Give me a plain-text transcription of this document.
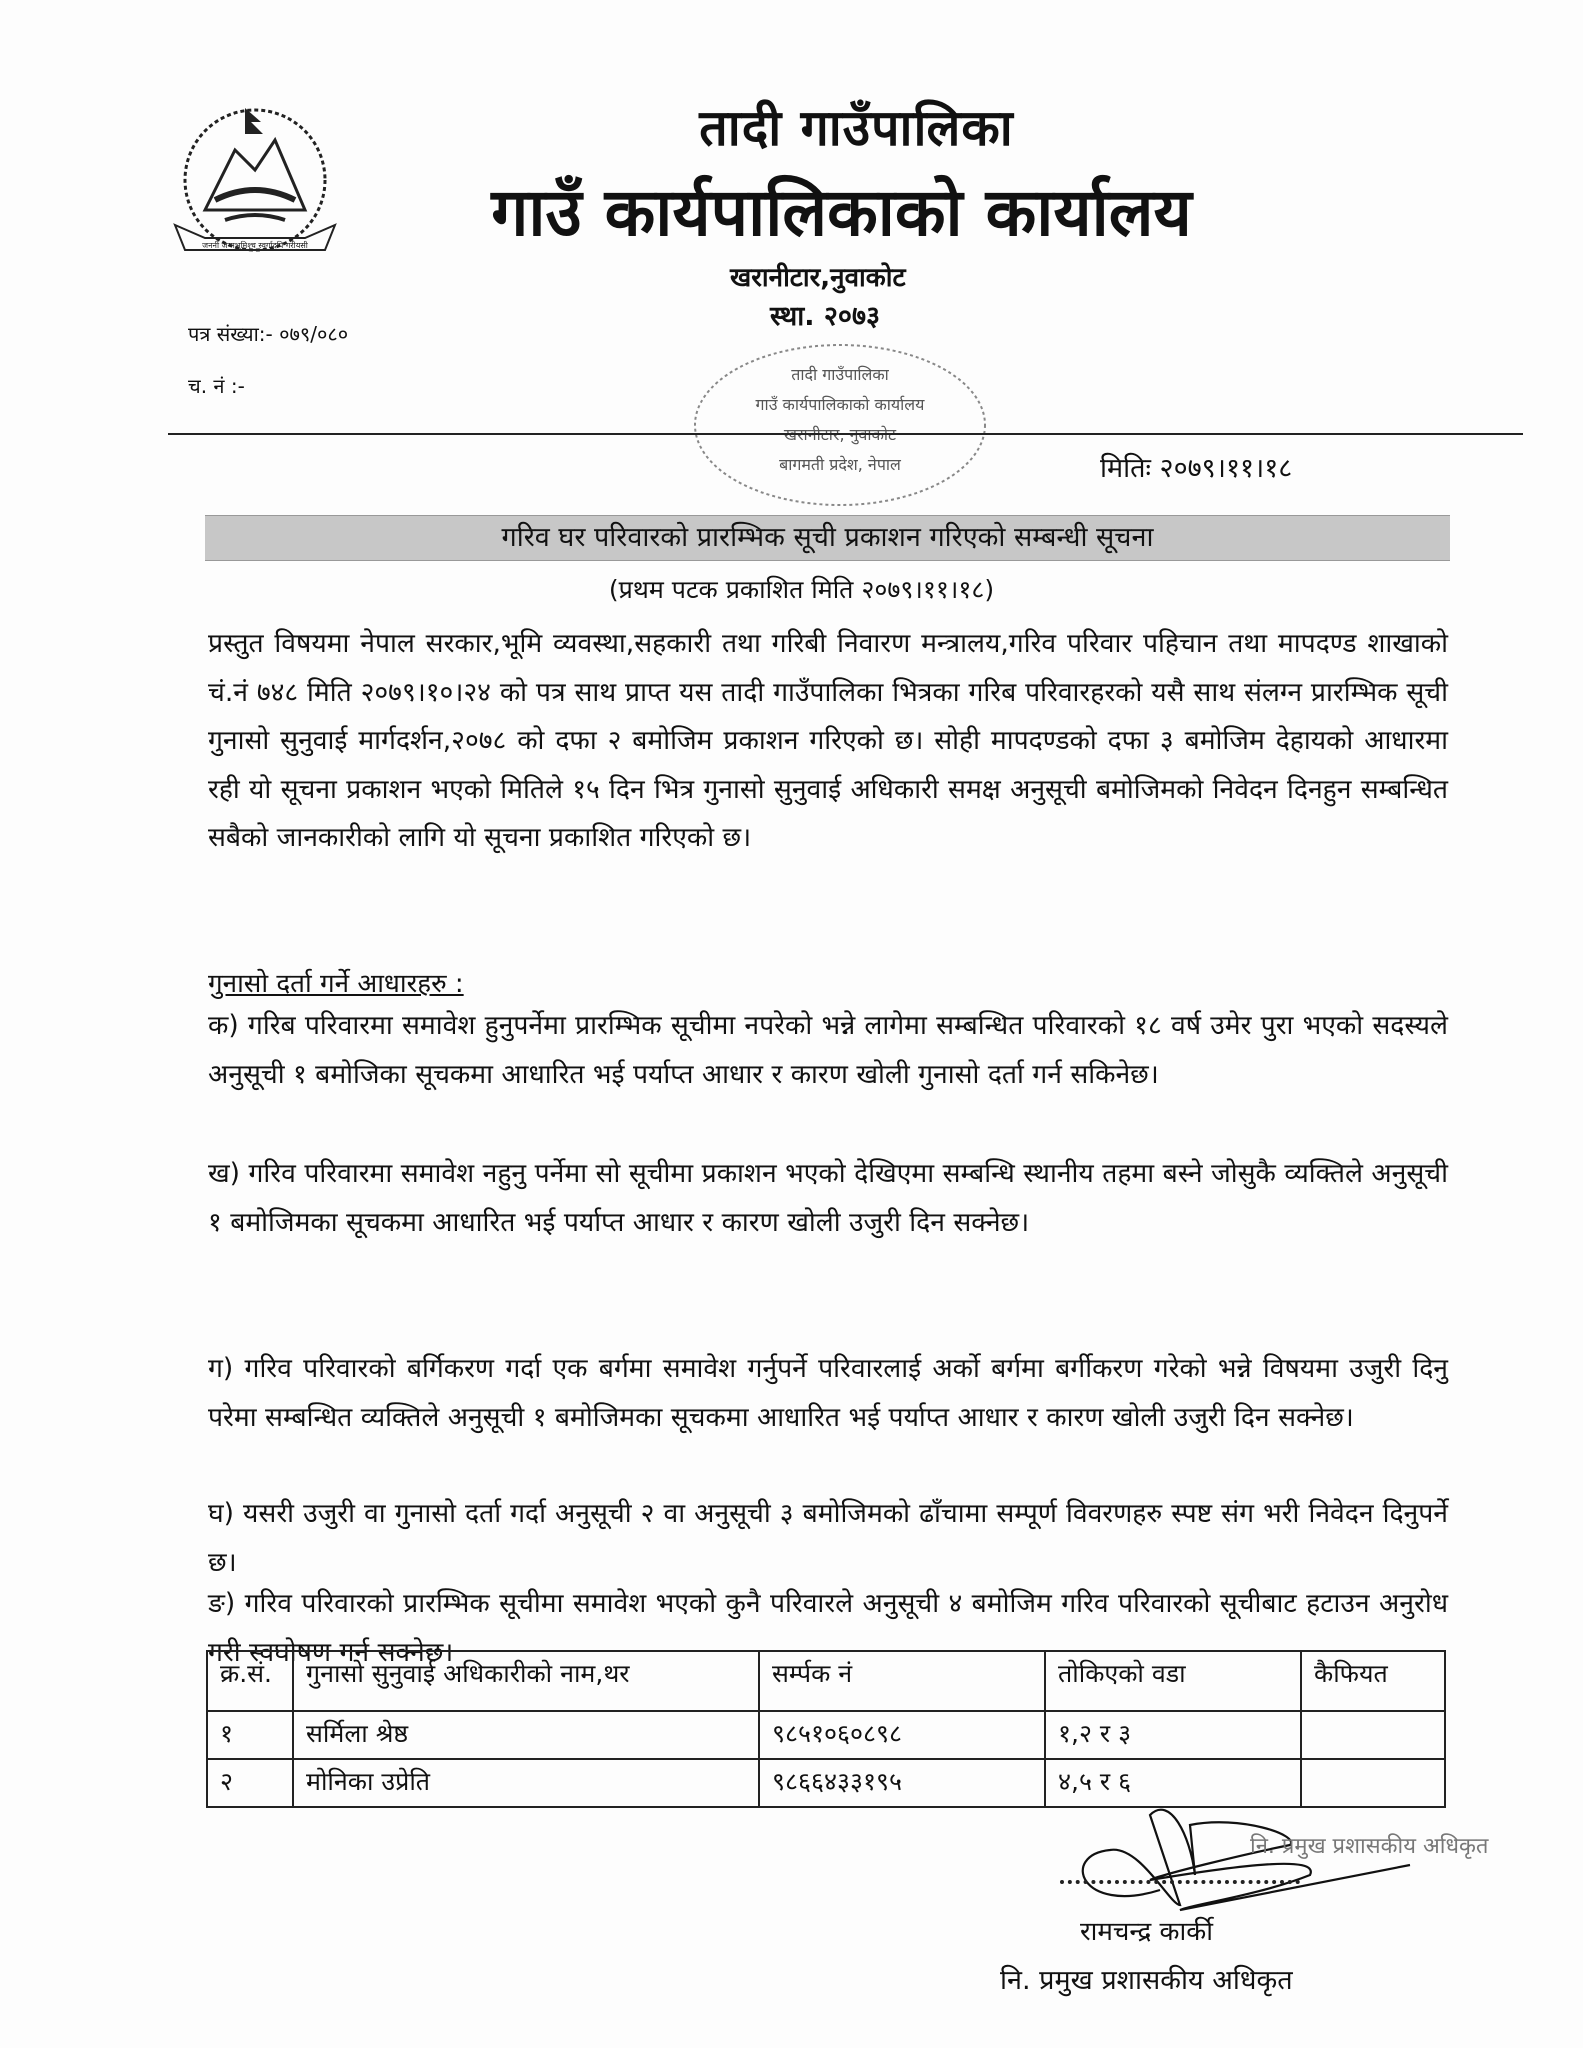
जननी जन्मभूमिश्च स्वर्गादपि गरीयसी
तादी गाउँपालिका
गाउँ कार्यपालिकाको कार्यालय
खरानीटार,नुवाकोट
स्था. २०७३
तादी गाउँपालिका
गाउँ कार्यपालिकाको कार्यालय
खरानीटार, नुवाकोट
बागमती प्रदेश, नेपाल
पत्र संख्या:- ०७९/०८०
च. नं :-
मितिः २०७९।११।१८
गरिव घर परिवारको प्रारम्भिक सूची प्रकाशन गरिएको सम्बन्धी सूचना
(प्रथम पटक प्रकाशित मिति २०७९।११।१८)
प्रस्तुत विषयमा नेपाल सरकार,भूमि व्यवस्था,सहकारी तथा गरिबी निवारण मन्त्रालय,गरिव परिवार पहिचान तथा मापदण्ड शाखाको चं.नं ७४८ मिति २०७९।१०।२४ को पत्र साथ प्राप्त यस तादी गाउँपालिका भित्रका गरिब परिवारहरको यसै साथ संलग्न प्रारम्भिक सूची गुनासो सुनुवाई मार्गदर्शन,२०७८ को दफा २ बमोजिम प्रकाशन गरिएको छ। सोही मापदण्डको दफा ३ बमोजिम देहायको आधारमा रही यो सूचना प्रकाशन भएको मितिले १५ दिन भित्र गुनासो सुनुवाई अधिकारी समक्ष अनुसूची बमोजिमको निवेदन दिनहुन सम्बन्धित सबैको जानकारीको लागि यो सूचना प्रकाशित गरिएको छ।
गुनासो दर्ता गर्ने आधारहरु :
क) गरिब परिवारमा समावेश हुनुपर्नेमा प्रारम्भिक सूचीमा नपरेको भन्ने लागेमा सम्बन्धित परिवारको १८ वर्ष उमेर पुरा भएको सदस्यले अनुसूची १ बमोजिका सूचकमा आधारित भई पर्याप्त आधार र कारण खोली गुनासो दर्ता गर्न सकिनेछ।
ख) गरिव परिवारमा समावेश नहुनु पर्नेमा सो सूचीमा प्रकाशन भएको देखिएमा सम्बन्धि स्थानीय तहमा बस्ने जोसुकै व्यक्तिले अनुसूची १ बमोजिमका सूचकमा आधारित भई पर्याप्त आधार र कारण खोली उजुरी दिन सक्नेछ।
ग) गरिव परिवारको बर्गिकरण गर्दा एक बर्गमा समावेश गर्नुपर्ने परिवारलाई अर्को बर्गमा बर्गीकरण गरेको भन्ने विषयमा उजुरी दिनु परेमा सम्बन्धित व्यक्तिले अनुसूची १ बमोजिमका सूचकमा आधारित भई पर्याप्त आधार र कारण खोली उजुरी दिन सक्नेछ।
घ) यसरी उजुरी वा गुनासो दर्ता गर्दा अनुसूची २ वा अनुसूची ३ बमोजिमको ढाँचामा सम्पूर्ण विवरणहरु स्पष्ट संग भरी निवेदन दिनुपर्ने छ।
ङ) गरिव परिवारको प्रारम्भिक सूचीमा समावेश भएको कुनै परिवारले अनुसूची ४ बमोजिम गरिव परिवारको सूचीबाट हटाउन अनुरोध गरी स्वघोषण गर्न सक्नेछ।
क्र.सं.	गुनासो सुनुवाई अधिकारीको नाम,थर	सर्म्पक नं	तोकिएको वडा	कैफियत
१	सर्मिला श्रेष्ठ	९८५१०६०८९८	१,२ र ३	
२	मोनिका उप्रेति	९८६६४३३१९५	४,५ र ६	
नि. प्रमुख प्रशासकीय अधिकृत
रामचन्द्र कार्की
नि. प्रमुख प्रशासकीय अधिकृत
